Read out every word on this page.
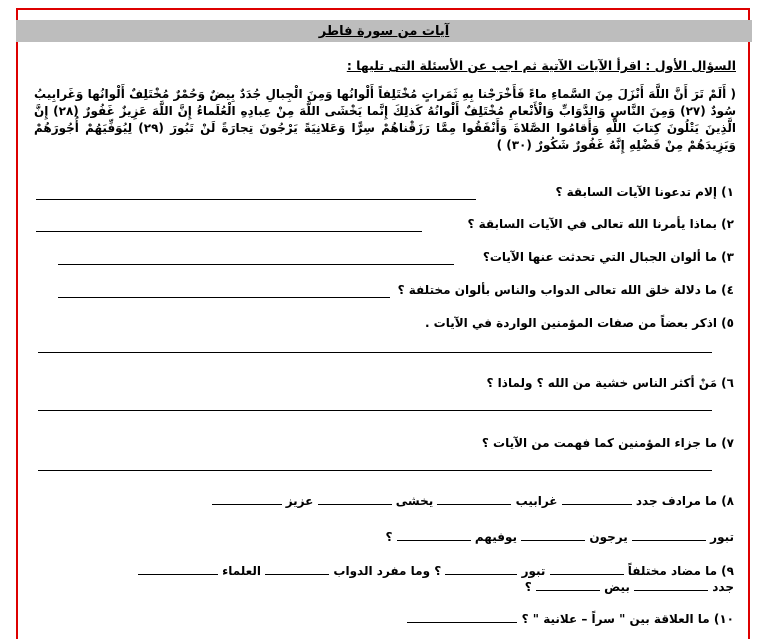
آيات من سورة فاطر
السؤال الأول : اقرأ الآيات الآتية ثم اجب عن الأسئلة التى تليها :
( أَلَمْ تَرَ أَنَّ اللَّهَ أَنْزَلَ مِنَ السَّماءِ ماءً فَأَخْرَجْنا بِهِ ثَمَراتٍ مُخْتَلِفاً أَلْوانُها وَمِنَ الْجِبالِ جُدَدٌ بِيضٌ وَحُمْرٌ مُخْتَلِفٌ أَلْوانُها وَغَرابِيبُ سُودٌ (٢٧) وَمِنَ النَّاسِ وَالدَّوَابِّ وَالْأَنْعامِ مُخْتَلِفٌ أَلْوانُهُ كَذلِكَ إِنَّما يَخْشَى اللَّهَ مِنْ عِبادِهِ الْعُلَماءُ إِنَّ اللَّهَ عَزِيزٌ غَفُورٌ (٢٨) إِنَّ الَّذِينَ يَتْلُونَ كِتابَ اللَّهِ وَأَقامُوا الصَّلاةَ وَأَنْفَقُوا مِمَّا رَزَقْناهُمْ سِرًّا وَعَلانِيَةً يَرْجُونَ تِجارَةً لَنْ تَبُورَ (٢٩) لِيُوَفِّيَهُمْ أُجُورَهُمْ وَيَزِيدَهُمْ مِنْ فَضْلِهِ إِنَّهُ غَفُورٌ شَكُورٌ (٣٠) )
١) إلام تدعونا الآيات السابقة ؟
٢) بماذا يأمرنا الله تعالى في الآيات السابقة ؟
٣) ما ألوان الجبال التي تحدثت عنها الآيات؟
٤) ما دلالة خلق الله تعالى الدواب والناس بألوان مختلفة ؟
٥) اذكر بعضاً من صفات المؤمنين الواردة في الآيات .
٦) مَنْ أكثر الناس خشية من الله ؟ ولماذا ؟
٧) ما جزاء المؤمنين كما فهمت من الآيات ؟
٨) ما مرادف جدد  غرابيب  يخشى  عزيز
تبور  يرجون  يوفيهم  ؟
٩) ما مضاد مختلفاً  تبور  ؟ وما مفرد الدواب  العلماء
جدد  بيض  ؟
١٠) ما العلاقة بين " سراً – علانية " ؟
